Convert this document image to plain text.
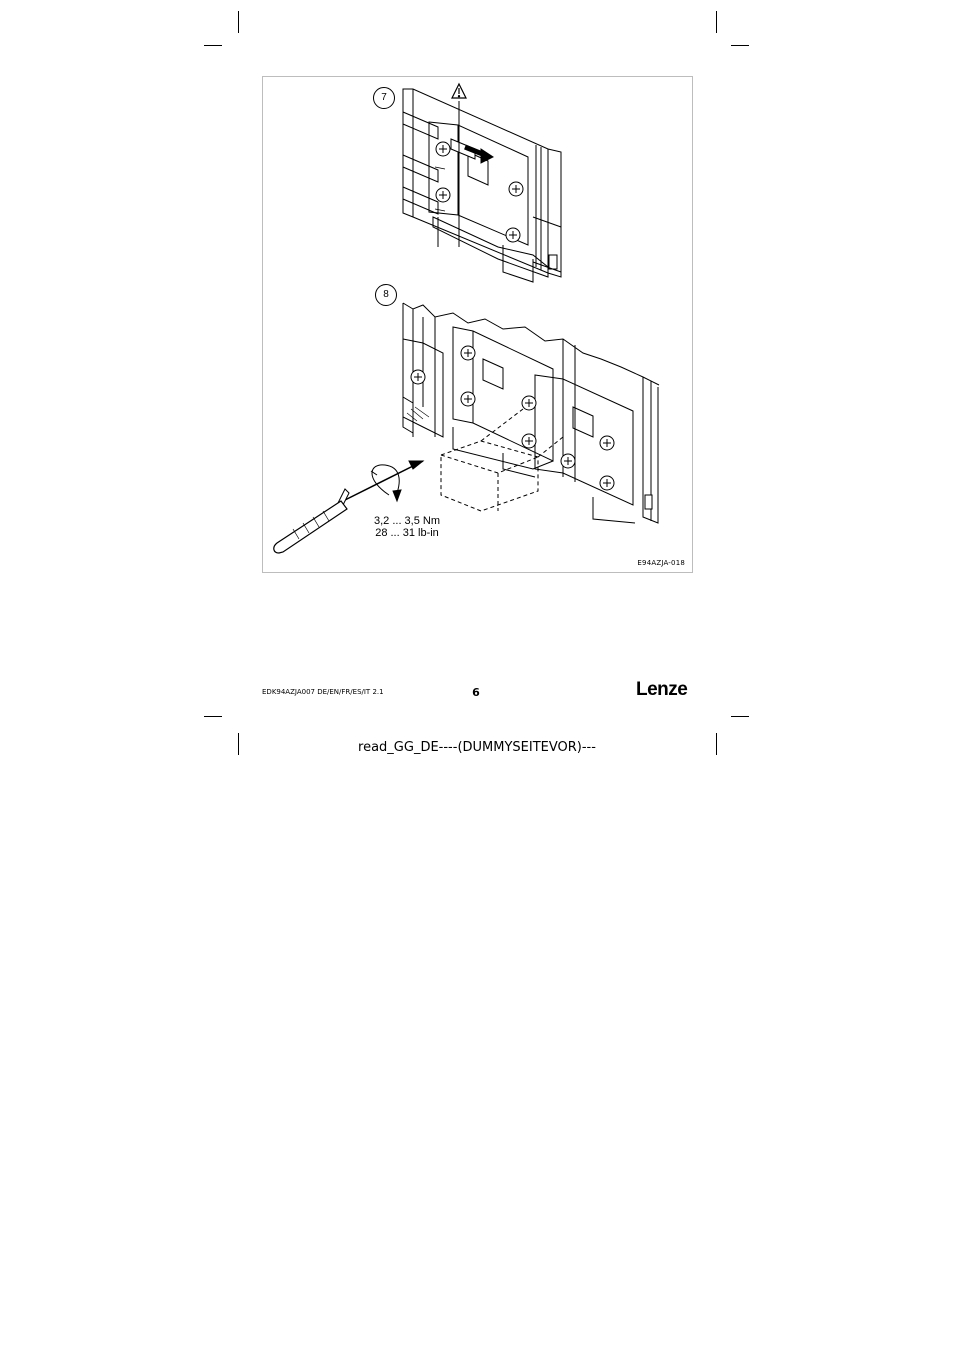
7
8
3,2 ... 3,5 Nm
28 ... 31 lb-in
E94AZJA-018
EDK94AZJA007 DE/EN/FR/ES/IT 2.1	6	Lenze
read_GG_DE----(DUMMYSEITEVOR)---
